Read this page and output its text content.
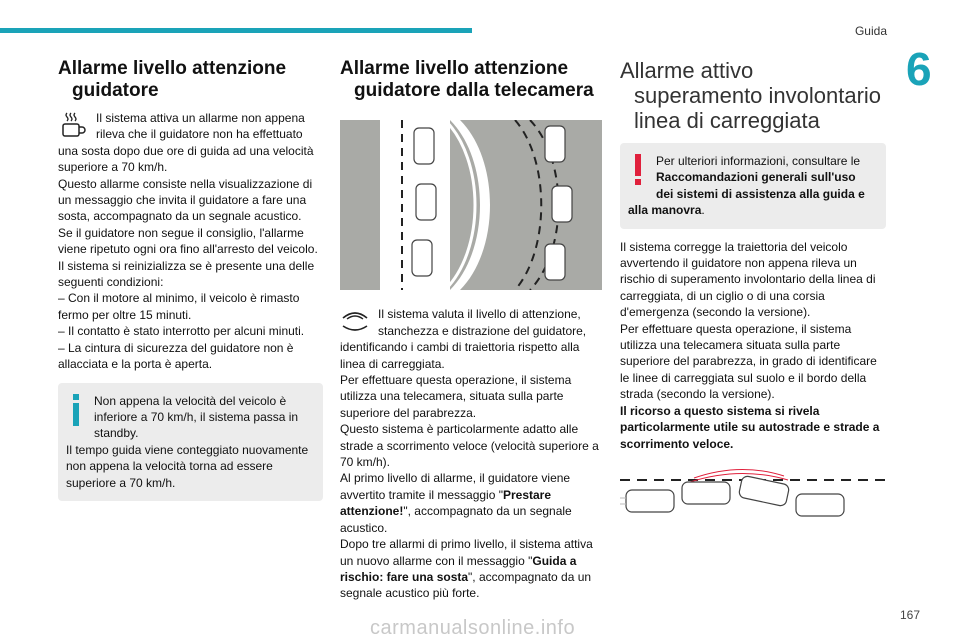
Guida
6
Allarme livello attenzione
guidatore

Il sistema attiva un allarme non appena rileva che il guidatore non ha effettuato una sosta dopo due ore di guida ad una velocità superiore a 70 km/h.

Questo allarme consiste nella visualizzazione di un messaggio che invita il guidatore a fare una sosta, accompagnato da un segnale acustico.

Se il guidatore non segue il consiglio, l'allarme viene ripetuto ogni ora fino all'arresto del veicolo.

Il sistema si reinizializza se è presente una delle seguenti condizioni:

– Con il motore al minimo, il veicolo è rimasto fermo per oltre 15 minuti.

– Il contatto è stato interrotto per alcuni minuti.

– La cintura di sicurezza del guidatore non è allacciata e la porta è aperta.

Non appena la velocità del veicolo è inferiore a 70 km/h, il sistema passa in standby.

Il tempo guida viene conteggiato nuovamente non appena la velocità torna ad essere superiore a 70 km/h.

Allarme livello attenzione
guidatore dalla telecamera

Il sistema valuta il livello di attenzione, stanchezza e distrazione del guidatore, identificando i cambi di traiettoria rispetto alla linea di carreggiata.

Per effettuare questa operazione, il sistema utilizza una telecamera, situata sulla parte superiore del parabrezza.

Questo sistema è particolarmente adatto alle strade a scorrimento veloce (velocità superiore a 70 km/h).

Al primo livello di allarme, il guidatore viene avvertito tramite il messaggio "Prestare attenzione!", accompagnato da un segnale acustico.

Dopo tre allarmi di primo livello, il sistema attiva un nuovo allarme con il messaggio "Guida a rischio: fare una sosta", accompagnato da un segnale acustico più forte.

Allarme attivo
superamento involontario
linea di carreggiata

Per ulteriori informazioni, consultare le Raccomandazioni generali sull'uso dei sistemi di assistenza alla guida e alla manovra.

Il sistema corregge la traiettoria del veicolo avvertendo il guidatore non appena rileva un rischio di superamento involontario della linea di carreggiata, di un ciglio o di una corsia d'emergenza (secondo la versione).

Per effettuare questa operazione, il sistema utilizza una telecamera situata sulla parte superiore del parabrezza, in grado di identificare le linee di carreggiata sul suolo e il bordo della strada (secondo la versione).

Il ricorso a questo sistema si rivela particolarmente utile su autostrade e strade a scorrimento veloce.

167
carmanualsonline.info
